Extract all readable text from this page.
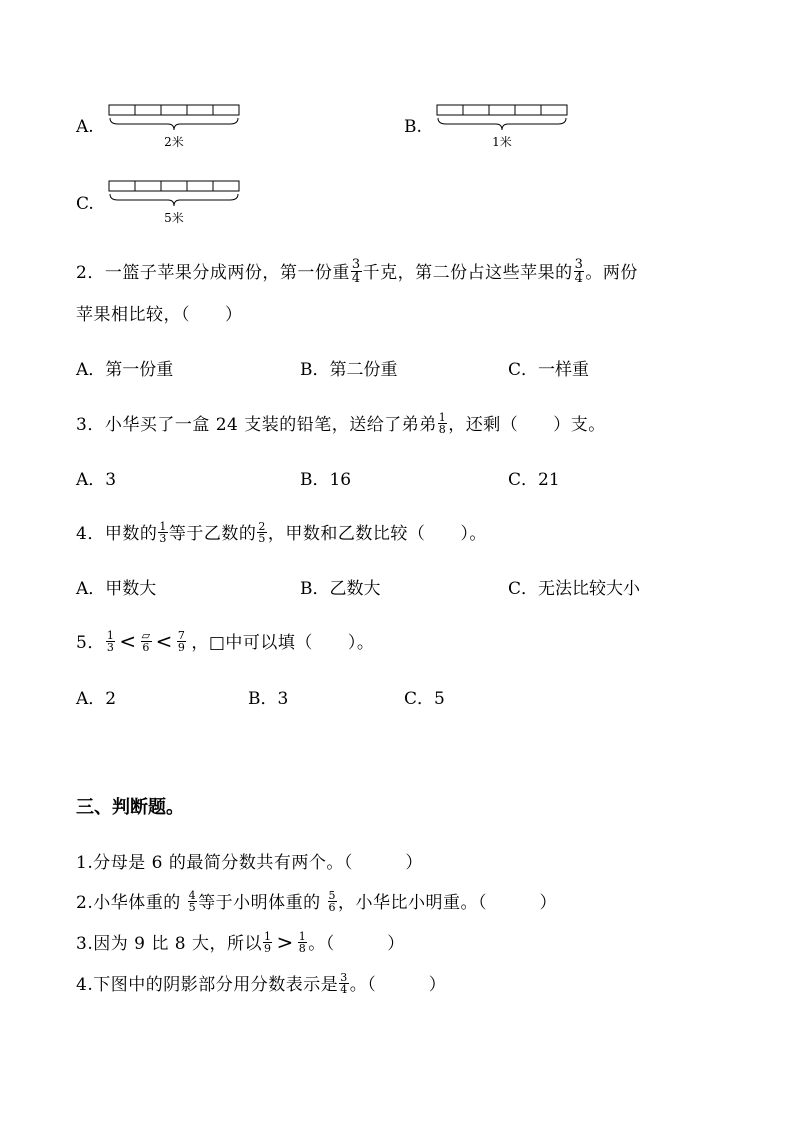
A.
2米
B.
1米
C.
5米
2．一篮子苹果分成两份，第一份重 $\frac{3}{4}$ 千克，第二份占这些苹果的 $\frac{3}{4}$ 。两份
苹果相比较，（　　）
A．第一份重	B．第二份重	C．一样重
3．小华买了一盒 24 支装的铅笔，送给了弟弟 $\frac{1}{8}$ ，还剩（　　）支。
A．3	B．16	C．21
4．甲数的 $\frac{1}{3}$ 等于乙数的 $\frac{2}{5}$ ，甲数和乙数比较（　　）。
A．甲数大	B．乙数大	C．无法比较大小
5． $\frac{1}{3} < \frac{▱}{6} < \frac{7}{9}$ ，□中可以填（　　）。
A．2	B．3	C．5
三、判断题。
1.分母是 6 的最简分数共有两个。（　　　）
2.小华体重的 $\frac{4}{5}$ 等于小明体重的 $\frac{5}{6}$ ，小华比小明重。（　　　）
3.因为 9 比 8 大，所以 $\frac{1}{9} > \frac{1}{8}$ 。（　　　）
4.下图中的阴影部分用分数表示是 $\frac{3}{4}$ 。（　　　）
